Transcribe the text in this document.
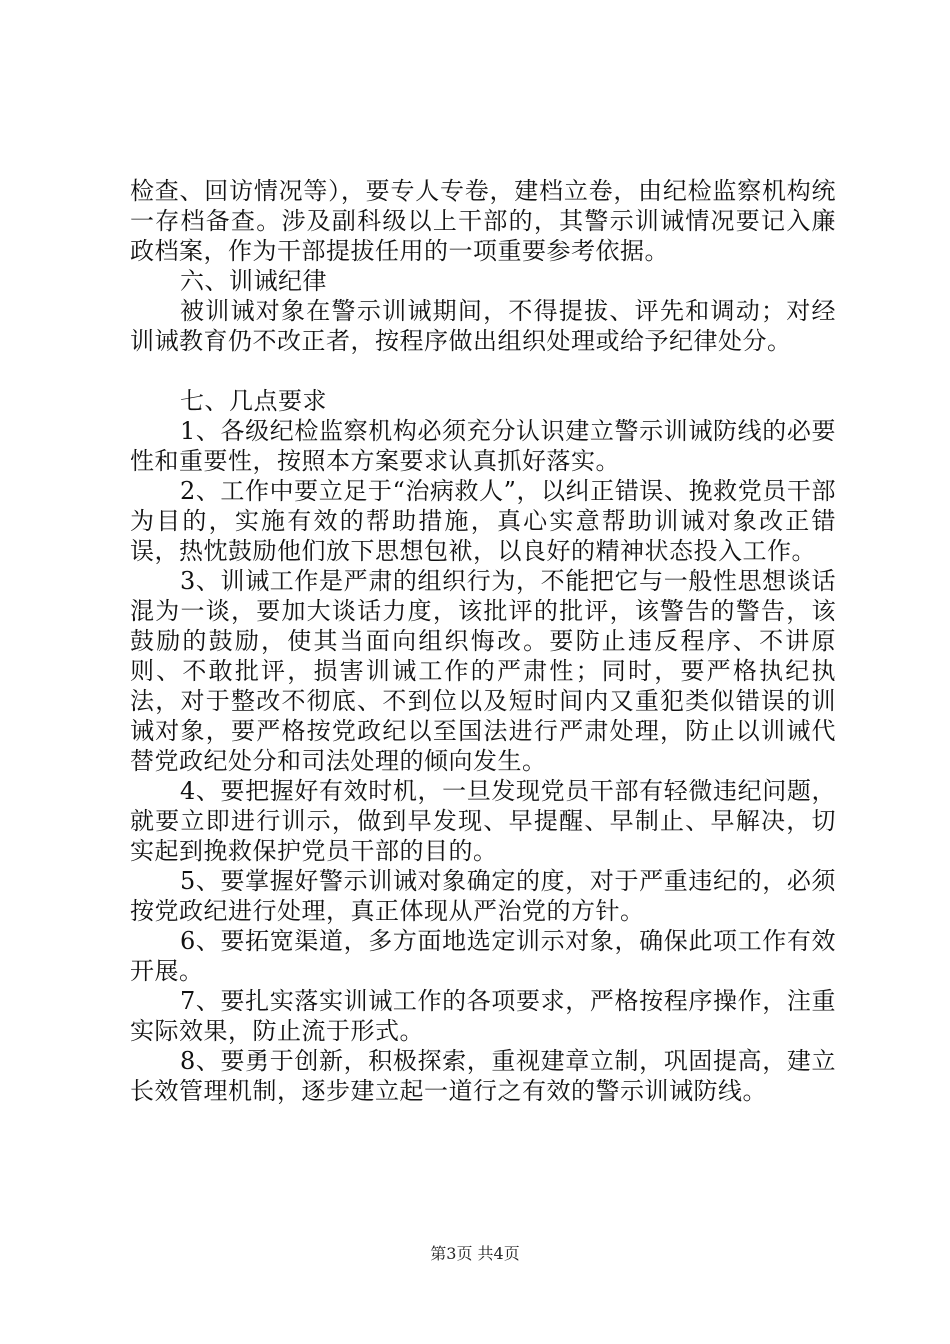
检查、回访情况等），要专人专卷，建档立卷，由纪检监察机构统一存档备查。涉及副科级以上干部的，其警示训诫情况要记入廉政档案，作为干部提拔任用的一项重要参考依据。

六、训诫纪律

被训诫对象在警示训诫期间，不得提拔、评先和调动；对经训诫教育仍不改正者，按程序做出组织处理或给予纪律处分。

七、几点要求

1、各级纪检监察机构必须充分认识建立警示训诫防线的必要性和重要性，按照本方案要求认真抓好落实。

2、工作中要立足于“治病救人”，以纠正错误、挽救党员干部为目的，实施有效的帮助措施，真心实意帮助训诫对象改正错误，热忱鼓励他们放下思想包袱，以良好的精神状态投入工作。

3、训诫工作是严肃的组织行为，不能把它与一般性思想谈话混为一谈，要加大谈话力度，该批评的批评，该警告的警告，该鼓励的鼓励，使其当面向组织悔改。要防止违反程序、不讲原则、不敢批评，损害训诫工作的严肃性；同时，要严格执纪执法，对于整改不彻底、不到位以及短时间内又重犯类似错误的训诫对象，要严格按党政纪以至国法进行严肃处理，防止以训诫代替党政纪处分和司法处理的倾向发生。

4、要把握好有效时机，一旦发现党员干部有轻微违纪问题，就要立即进行训示，做到早发现、早提醒、早制止、早解决，切实起到挽救保护党员干部的目的。

5、要掌握好警示训诫对象确定的度，对于严重违纪的，必须按党政纪进行处理，真正体现从严治党的方针。

6、要拓宽渠道，多方面地选定训示对象，确保此项工作有效开展。

7、要扎实落实训诫工作的各项要求，严格按程序操作，注重实际效果，防止流于形式。

8、要勇于创新，积极探索，重视建章立制，巩固提高，建立长效管理机制，逐步建立起一道行之有效的警示训诫防线。

第3页 共4页
